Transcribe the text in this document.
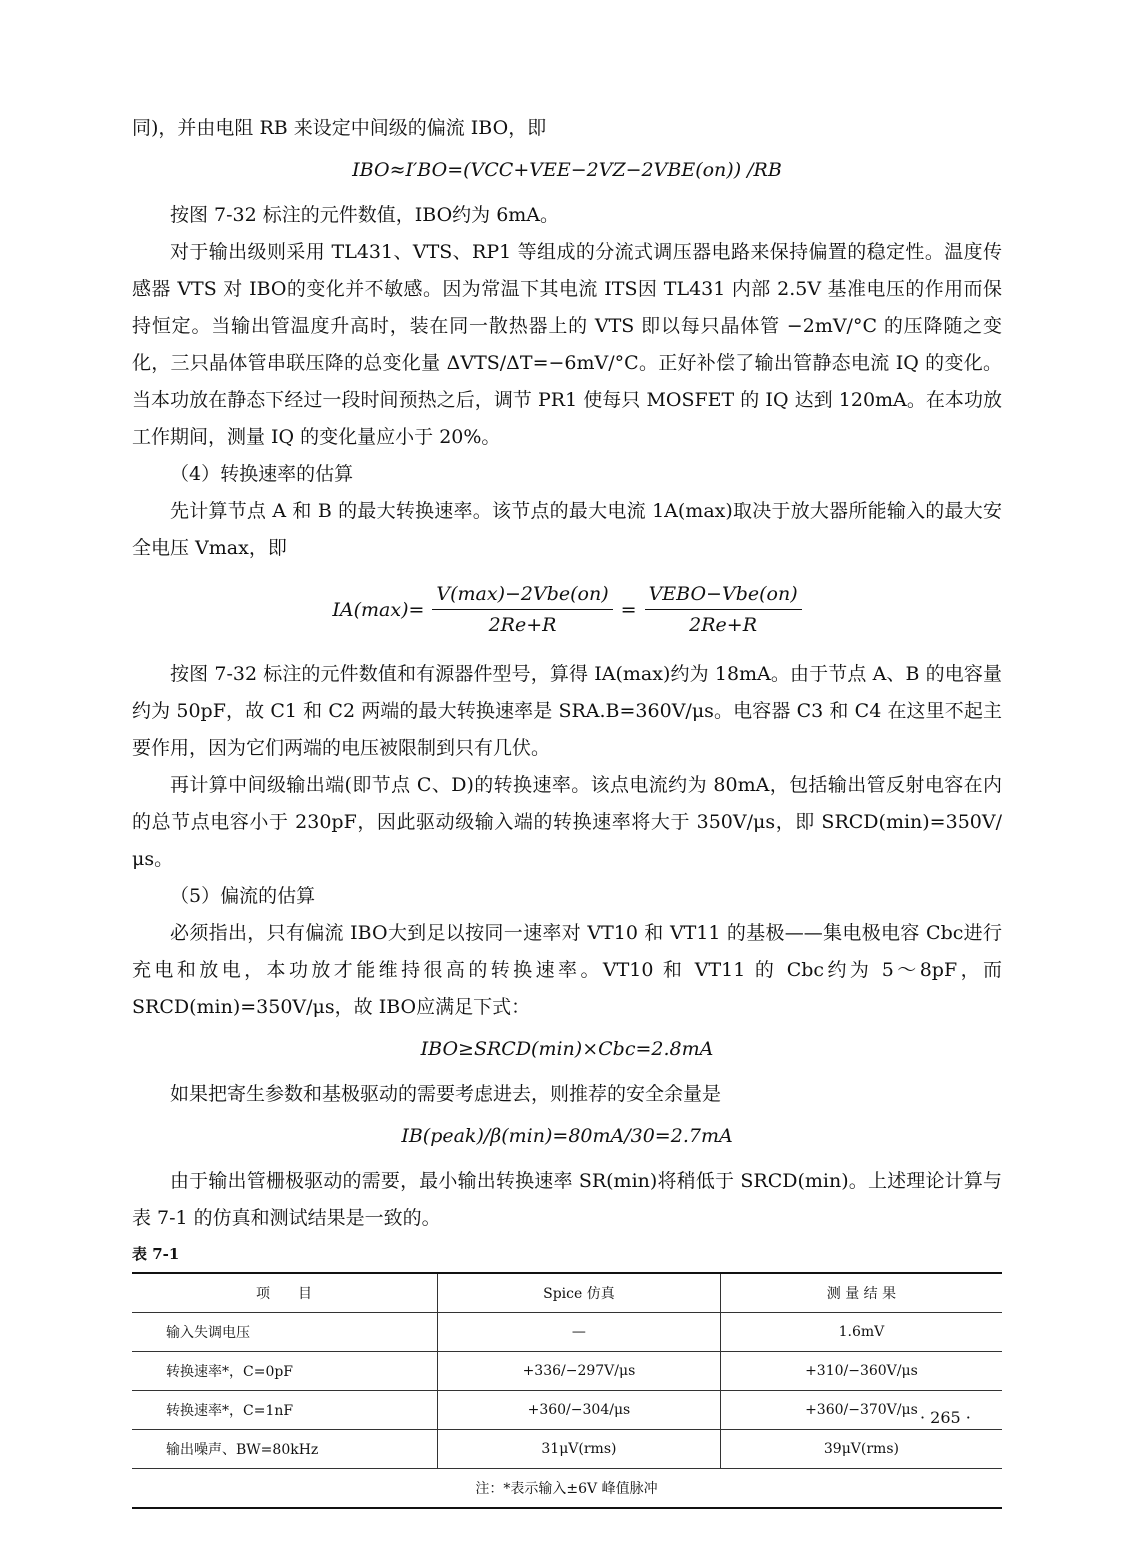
同)，并由电阻 RB 来设定中间级的偏流 IBO，即

IBO≈I′BO=(VCC+VEE−2VZ−2VBE(on)) /RB

按图 7-32 标注的元件数值，IBO约为 6mA。

对于输出级则采用 TL431、VTS、RP1 等组成的分流式调压器电路来保持偏置的稳定性。温度传感器 VTS 对 IBO的变化并不敏感。因为常温下其电流 ITS因 TL431 内部 2.5V 基准电压的作用而保持恒定。当输出管温度升高时，装在同一散热器上的 VTS 即以每只晶体管 −2mV/°C 的压降随之变化，三只晶体管串联压降的总变化量 ΔVTS/ΔT=−6mV/°C。正好补偿了输出管静态电流 IQ 的变化。当本功放在静态下经过一段时间预热之后，调节 PR1 使每只 MOSFET 的 IQ 达到 120mA。在本功放工作期间，测量 IQ 的变化量应小于 20%。

（4）转换速率的估算

先计算节点 A 和 B 的最大转换速率。该节点的最大电流 1A(max)取决于放大器所能输入的最大安全电压 Vmax，即

$IA(\max)= \frac{\text{V(max)−2Vbe(on)}}{2Re+R} = \frac{\text{VEBO−Vbe(on)}}{2Re+R}$

按图 7-32 标注的元件数值和有源器件型号，算得 IA(max)约为 18mA。由于节点 A、B 的电容量约为 50pF，故 C1 和 C2 两端的最大转换速率是 SRA.B=360V/μs。电容器 C3 和 C4 在这里不起主要作用，因为它们两端的电压被限制到只有几伏。

再计算中间级输出端(即节点 C、D)的转换速率。该点电流约为 80mA，包括输出管反射电容在内的总节点电容小于 230pF，因此驱动级输入端的转换速率将大于 350V/μs，即 SRCD(min)=350V/μs。

（5）偏流的估算

必须指出，只有偏流 IBO大到足以按同一速率对 VT10 和 VT11 的基极——集电极电容 Cbc进行充电和放电，本功放才能维持很高的转换速率。VT10 和 VT11 的 Cbc约为 5～8pF，而 SRCD(min)=350V/μs，故 IBO应满足下式：

IBO≥SRCD(min)×Cbc=2.8mA

如果把寄生参数和基极驱动的需要考虑进去，则推荐的安全余量是

IB(peak)/β(min)=80mA/30=2.7mA

由于输出管栅极驱动的需要，最小输出转换速率 SR(min)将稍低于 SRCD(min)。上述理论计算与表 7-1 的仿真和测试结果是一致的。

表 7-1
项　　目	Spice 仿真	测 量 结 果
输入失调电压	—	1.6mV
转换速率*，C=0pF	+336/−297V/μs	+310/−360V/μs
转换速率*，C=1nF	+360/−304/μs	+360/−370V/μs
输出噪声、BW=80kHz	31μV(rms)	39μV(rms)
注：*表示输入±6V 峰值脉冲		
· 265 ·
